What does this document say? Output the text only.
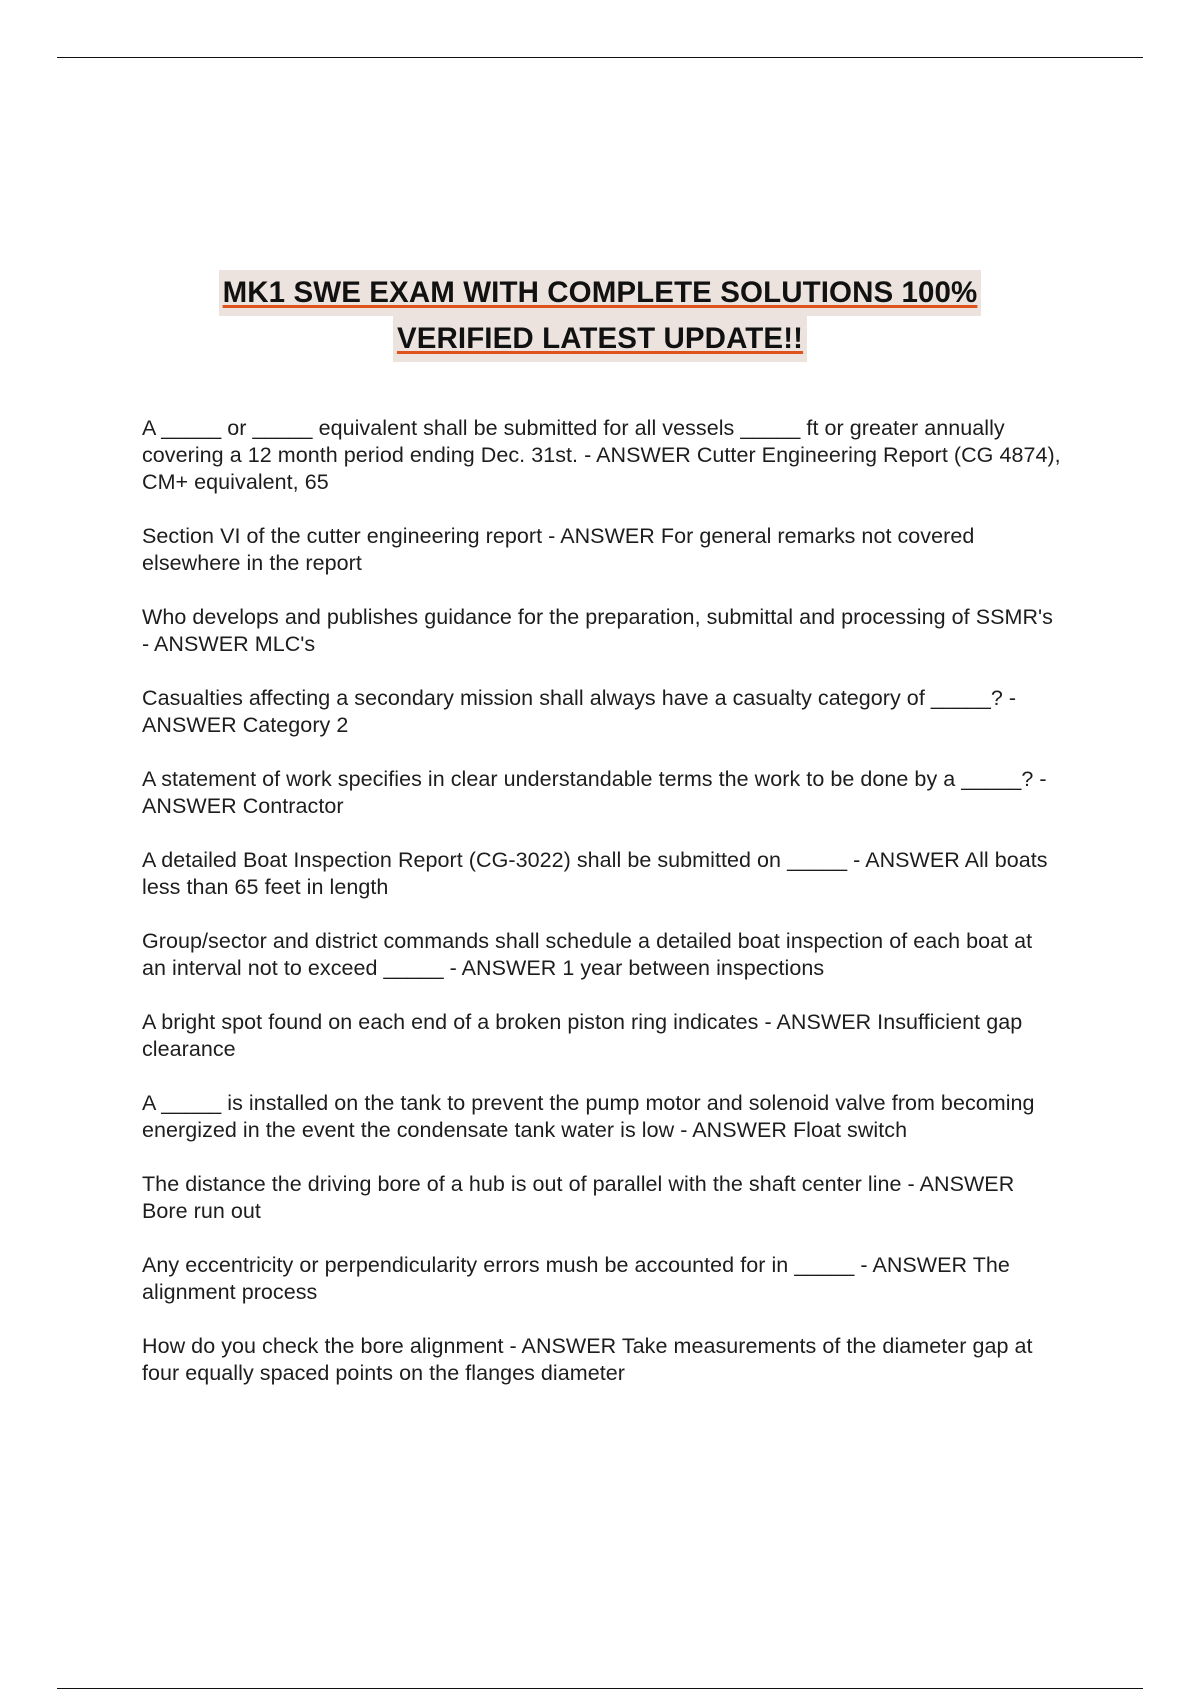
MK1 SWE EXAM WITH COMPLETE SOLUTIONS 100%
VERIFIED LATEST UPDATE!!

A _____ or _____ equivalent shall be submitted for all vessels _____ ft or greater annually covering a 12 month period ending Dec. 31st. - ANSWER Cutter Engineering Report (CG 4874), CM+ equivalent, 65

Section VI of the cutter engineering report - ANSWER For general remarks not covered elsewhere in the report

Who develops and publishes guidance for the preparation, submittal and processing of SSMR's - ANSWER MLC's

Casualties affecting a secondary mission shall always have a casualty category of _____? - ANSWER Category 2

A statement of work specifies in clear understandable terms the work to be done by a _____? - ANSWER Contractor

A detailed Boat Inspection Report (CG-3022) shall be submitted on _____ - ANSWER All boats less than 65 feet in length

Group/sector and district commands shall schedule a detailed boat inspection of each boat at an interval not to exceed _____ - ANSWER 1 year between inspections

A bright spot found on each end of a broken piston ring indicates - ANSWER Insufficient gap clearance

A _____ is installed on the tank to prevent the pump motor and solenoid valve from becoming energized in the event the condensate tank water is low - ANSWER Float switch

The distance the driving bore of a hub is out of parallel with the shaft center line - ANSWER Bore run out

Any eccentricity or perpendicularity errors mush be accounted for in _____ - ANSWER The alignment process

How do you check the bore alignment - ANSWER Take measurements of the diameter gap at four equally spaced points on the flanges diameter
